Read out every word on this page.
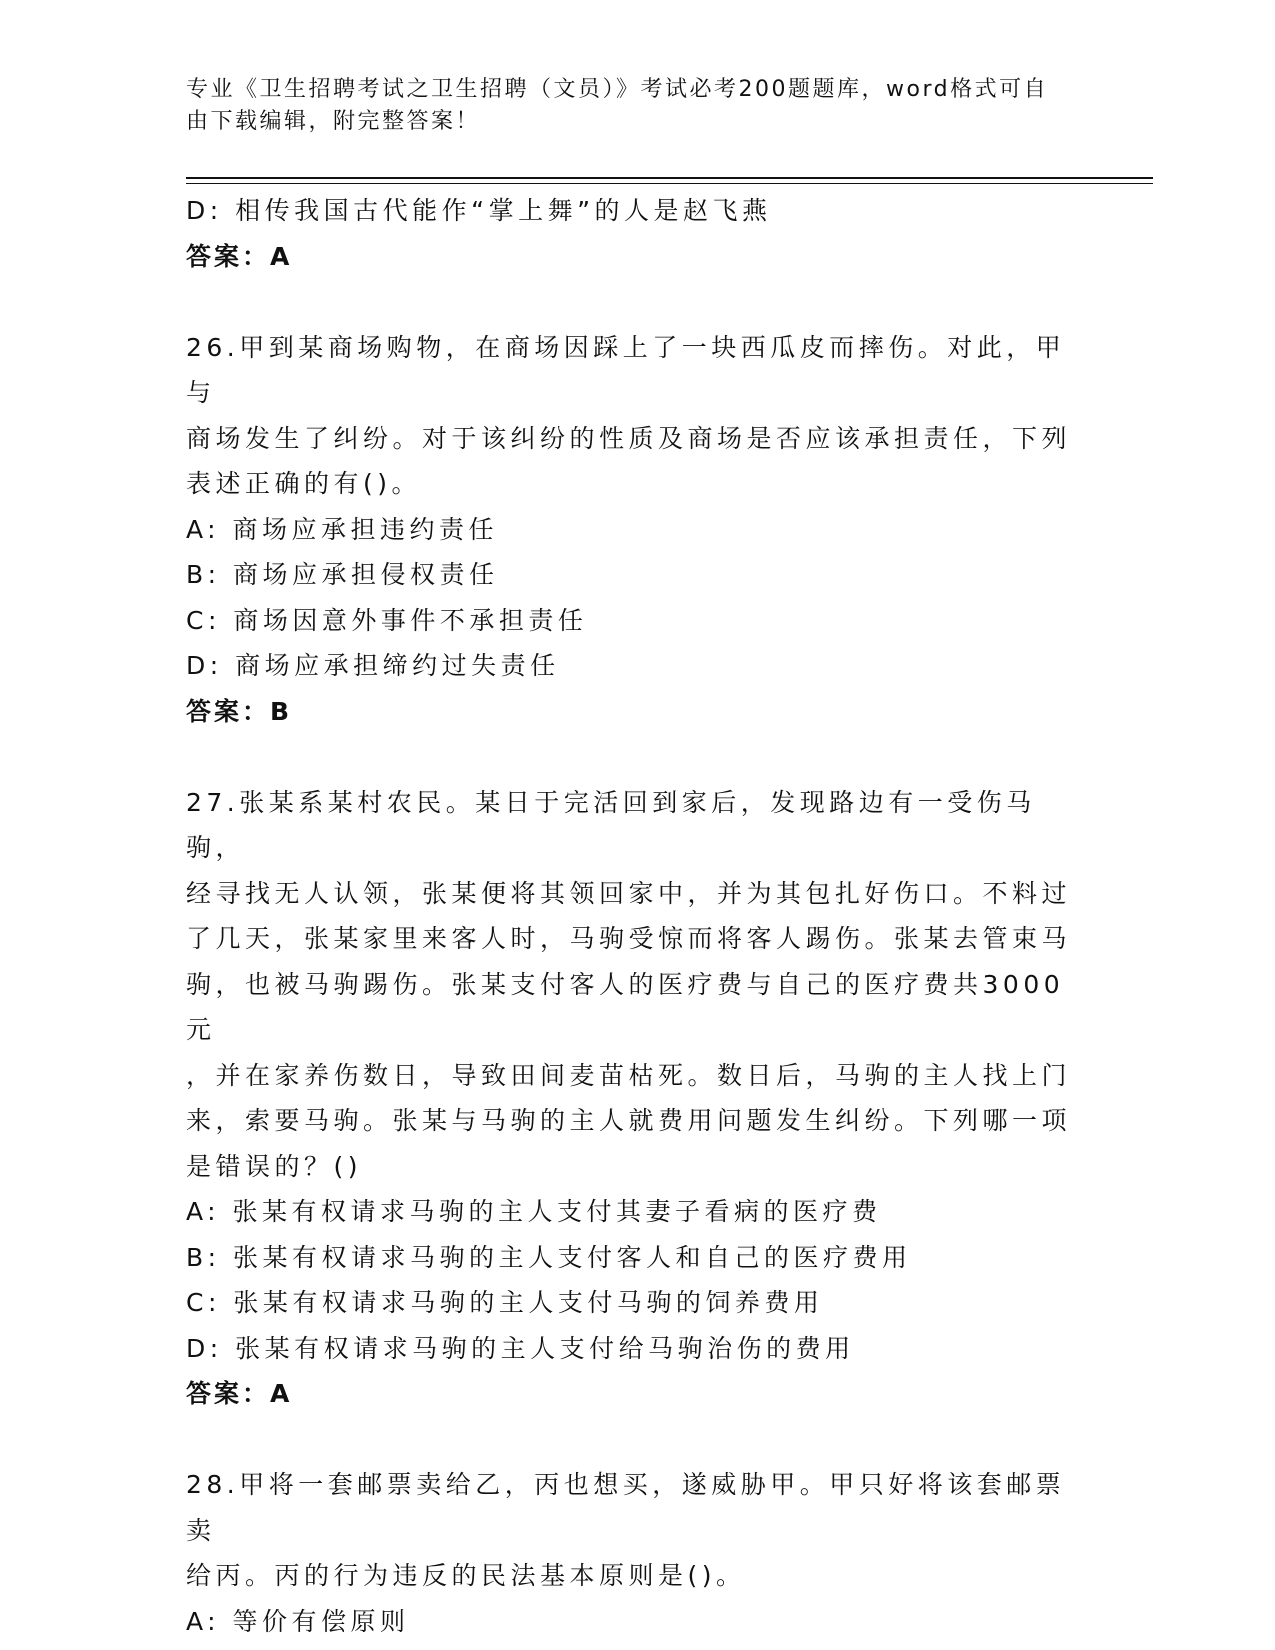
专业《卫生招聘考试之卫生招聘（文员）》考试必考200题题库，word格式可自由下载编辑，附完整答案！

D: 相传我国古代能作“掌上舞”的人是赵飞燕

答案：A

26.甲到某商场购物，在商场因踩上了一块西瓜皮而摔伤。对此，甲与
商场发生了纠纷。对于该纠纷的性质及商场是否应该承担责任，下列
表述正确的有()。

A: 商场应承担违约责任

B: 商场应承担侵权责任

C: 商场因意外事件不承担责任

D: 商场应承担缔约过失责任

答案：B

27.张某系某村农民。某日于完活回到家后，发现路边有一受伤马驹，
经寻找无人认领，张某便将其领回家中，并为其包扎好伤口。不料过
了几天，张某家里来客人时，马驹受惊而将客人踢伤。张某去管束马
驹，也被马驹踢伤。张某支付客人的医疗费与自己的医疗费共3000元
，并在家养伤数日，导致田间麦苗枯死。数日后，马驹的主人找上门
来，索要马驹。张某与马驹的主人就费用问题发生纠纷。下列哪一项
是错误的？()

A: 张某有权请求马驹的主人支付其妻子看病的医疗费

B: 张某有权请求马驹的主人支付客人和自己的医疗费用

C: 张某有权请求马驹的主人支付马驹的饲养费用

D: 张某有权请求马驹的主人支付给马驹治伤的费用

答案：A

28.甲将一套邮票卖给乙，丙也想买，遂威胁甲。甲只好将该套邮票卖
给丙。丙的行为违反的民法基本原则是()。

A: 等价有偿原则
